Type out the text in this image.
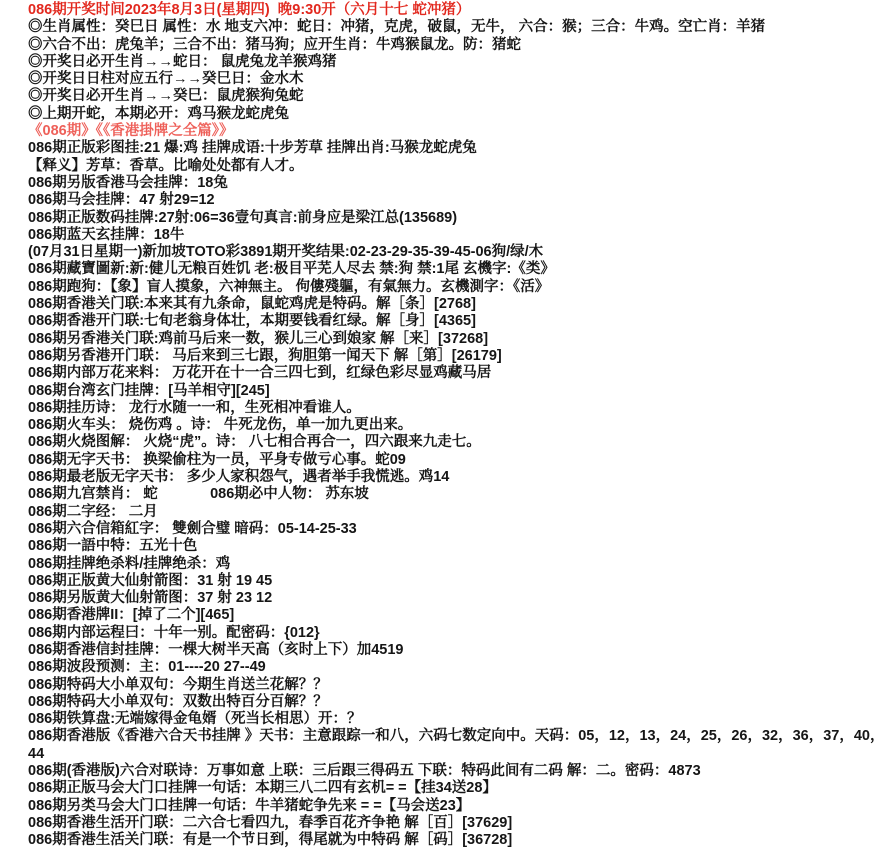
086期开奖时间2023年8月3日(星期四)  晚9:30开（六月十七 蛇冲猪）
◎生肖属性：癸巳日 属性：水 地支六冲：蛇日：冲猪，克虎，破鼠，无牛， 六合：猴；三合：牛鸡。空亡肖：羊猪
◎六合不出：虎兔羊；三合不出：猪马狗；应开生肖：牛鸡猴鼠龙。防：猪蛇
◎开奖日必开生肖→→蛇日： 鼠虎兔龙羊猴鸡猪
◎开奖日日柱对应五行→→癸巳日：金水木
◎开奖日必开生肖→→癸巳：鼠虎猴狗兔蛇
◎上期开蛇，本期必开：鸡马猴龙蛇虎兔
《086期》《《香港掛牌之全篇》》
086期正版彩图挂:21 爆:鸡 挂牌成语:十步芳草 挂牌出肖:马猴龙蛇虎兔
【释义】芳草：香草。比喻处处都有人才。
086期另版香港马会挂牌：18兔
086期马会挂牌：47 射29=12
086期正版数码挂牌:27射:06=36壹句真言:前身应是梁江总(135689)
086期蓝天玄挂牌：18牛
(07月31日星期一)新加坡TOTO彩3891期开奖结果:02-23-29-35-39-45-06狗/绿/木
086期藏寶圖新:新:健儿无粮百姓饥 老:极目平芜人尽去 禁:狗 禁:1尾 玄機字:《类》
086期跑狗：【象】盲人摸象，六神無主。 佝僂殘軀，有氣無力。玄機測字：《活》
086期香港关门联:本来其有九条命，鼠蛇鸡虎是特码。解［条］[2768]
086期香港开门联:七旬老翁身体壮，本期要钱看红绿。解［身］[4365]
086期另香港关门联:鸡前马后来一数，猴儿三心到娘家 解［来］[37268]
086期另香港开门联： 马后来到三七跟，狗胆第一闻天下 解［第］[26179]
086期内部万花来料： 万花开在十一合三四七到，红绿色彩尽显鸡藏马居
086期台湾玄门挂牌：[马羊相守][245]
086期挂历诗： 龙行水随一一和，生死相冲看谁人。
086期火车头： 烧伤鸡 。诗： 牛死龙伤，单一加九更出来。
086期火烧图解： 火烧“虎”。诗： 八七相合再合一，四六跟来九走七。
086期无字天书： 换梁偷柱为一员，平身专做亏心事。蛇09
086期最老版无字天书： 多少人家积怨气，遇者举手我慌逃。鸡14
086期九宫禁肖： 蛇             086期必中人物： 苏东坡
086期二字经： 二月
086期六合信箱紅字： 雙劍合璧 暗码：05-14-25-33
086期一語中特：五光十色
086期挂牌绝杀料/挂牌绝杀：鸡
086期正版黄大仙射箭图：31 射 19 45
086期另版黄大仙射箭图：37 射 23 12
086期香港牌II：[掉了二个][465]
086期内部运程曰：十年一别。配密码：{012}
086期香港信封挂牌：一棵大树半天高（亥时上下）加4519
086期波段预测：主：01----20 27--49
086期特码大小单双句：今期生肖送兰花解？？
086期特码大小单双句：双数出特百分百解？？
086期铁算盘:无端嫁得金龟婿（死当长相思）开：？
086期香港版《香港六合天书挂牌 》天书：主意跟踪一和八，六码七数定向中。天码：05，12，13，24，25，26，32，36，37，40，44
086期(香港版)六合对联诗：万事如意 上联：三后跟三得码五 下联：特码此间有二码 解：二。密码：4873
086期正版马会大门口挂牌一句话：本期三八二四有玄机= =【挂34送28】
086期另类马会大门口挂牌一句话：牛羊猪蛇争先来 = =【马会送23】
086期香港生活开门联：二六合七看四九，春季百花齐争艳 解［百］[37629]
086期香港生活关门联：有是一个节日到，得尾就为中特码 解［码］[36728]
